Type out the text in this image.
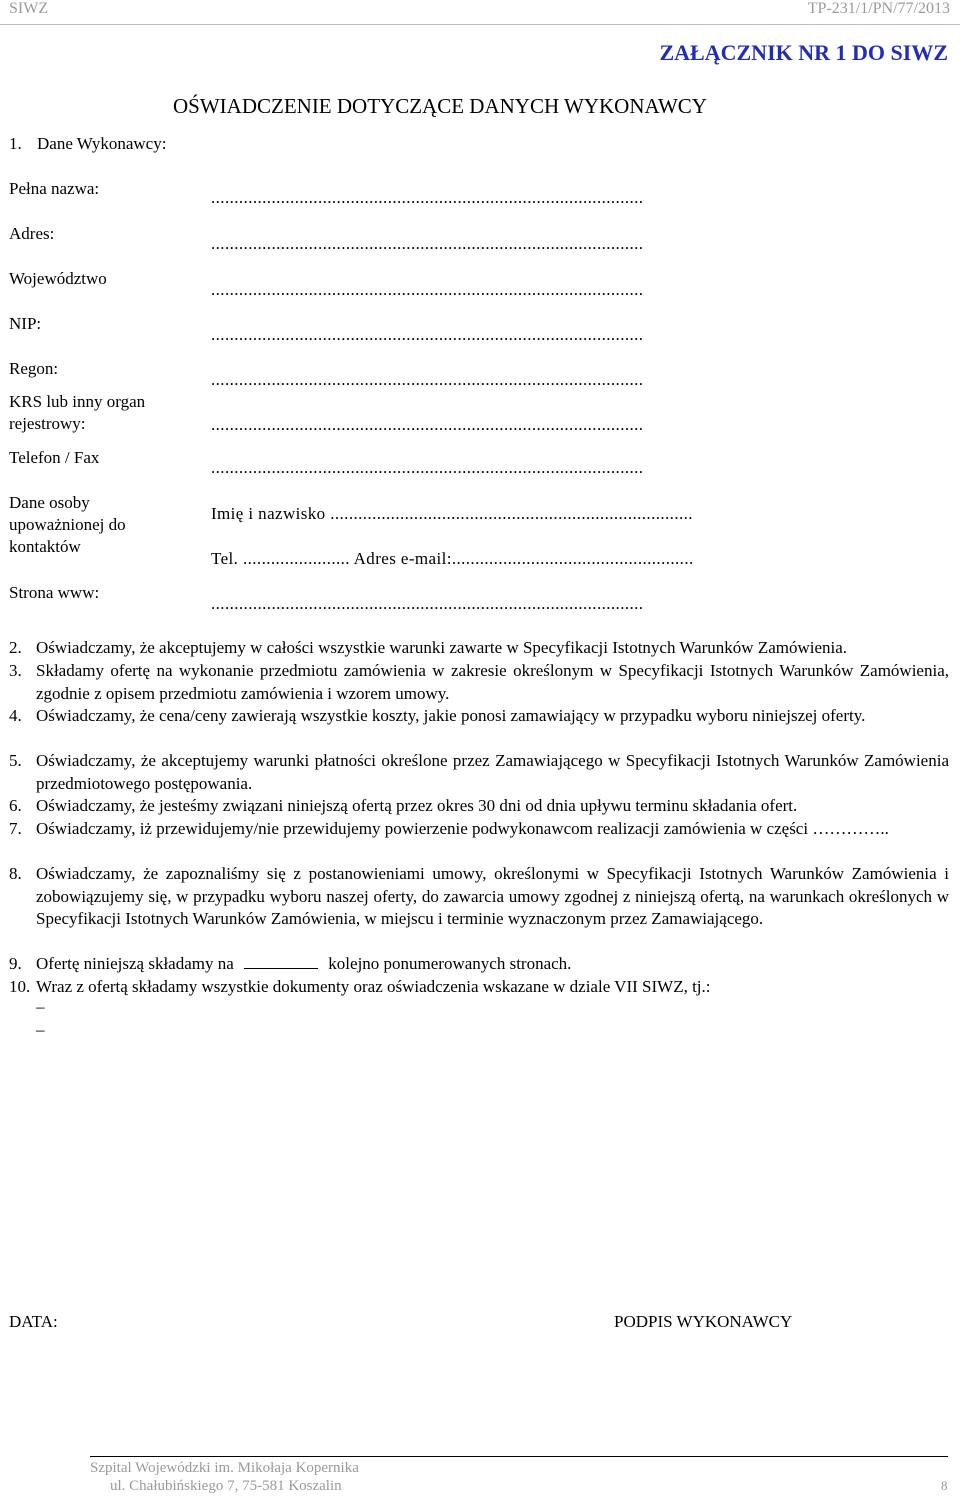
SIWZ	TP-231/1/PN/77/2013
ZAŁĄCZNIK NR 1 DO SIWZ
OŚWIADCZENIE DOTYCZĄCE DANYCH WYKONAWCY
1. Dane Wykonawcy:
Pełna nazwa:	.............................................................................................
Adres:
.............................................................................................
Województwo
.............................................................................................
NIP:
.............................................................................................
Regon:
.............................................................................................
KRS lub inny organ rejestrowy:	.............................................................................................
Telefon / Fax
.............................................................................................
Dane osoby upoważnionej do kontaktów
Imię i nazwisko ..............................................................................
Tel. ....................... Adres e-mail:....................................................
Strona www:
.............................................................................................
2. Oświadczamy, że akceptujemy w całości wszystkie warunki zawarte w Specyfikacji Istotnych Warunków Zamówienia.
3. Składamy ofertę na wykonanie przedmiotu zamówienia w zakresie określonym w Specyfikacji Istotnych Warunków Zamówienia, zgodnie z opisem przedmiotu zamówienia i wzorem umowy.
4. Oświadczamy, że cena/ceny zawierają wszystkie koszty, jakie ponosi zamawiający w przypadku wyboru niniejszej oferty.
5. Oświadczamy, że akceptujemy warunki płatności określone przez Zamawiającego w Specyfikacji Istotnych Warunków Zamówienia przedmiotowego postępowania.
6. Oświadczamy, że jesteśmy związani niniejszą ofertą przez okres 30 dni od dnia upływu terminu składania ofert.
7. Oświadczamy, iż przewidujemy/nie przewidujemy powierzenie podwykonawcom realizacji zamówienia w części …………..
8. Oświadczamy, że zapoznaliśmy się z postanowieniami umowy, określonymi w Specyfikacji Istotnych Warunków Zamówienia i zobowiązujemy się, w przypadku wyboru naszej oferty, do zawarcia umowy zgodnej z niniejszą ofertą, na warunkach określonych w Specyfikacji Istotnych Warunków Zamówienia, w miejscu i terminie wyznaczonym przez Zamawiającego.
9. Ofertę niniejszą składamy na	kolejno ponumerowanych stronach.
10. Wraz z ofertą składamy wszystkie dokumenty oraz oświadczenia wskazane w dziale VII SIWZ, tj.:
–
–
DATA:	PODPIS WYKONAWCY
Szpital Wojewódzki im. Mikołaja Kopernika
ul. Chałubińskiego 7, 75-581 Koszalin	8
